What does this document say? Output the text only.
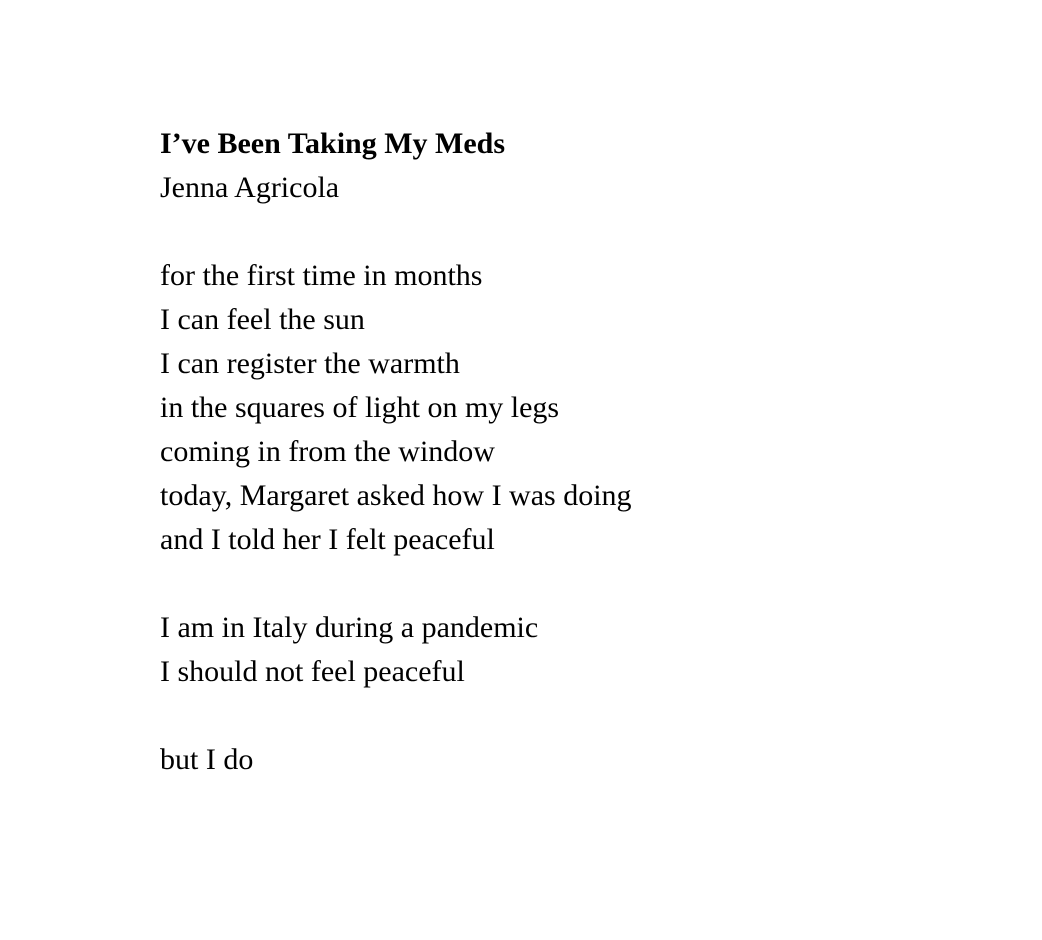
I’ve Been Taking My Meds
Jenna Agricola
for the first time in months
I can feel the sun
I can register the warmth
in the squares of light on my legs
coming in from the window
today, Margaret asked how I was doing
and I told her I felt peaceful
I am in Italy during a pandemic
I should not feel peaceful
but I do
